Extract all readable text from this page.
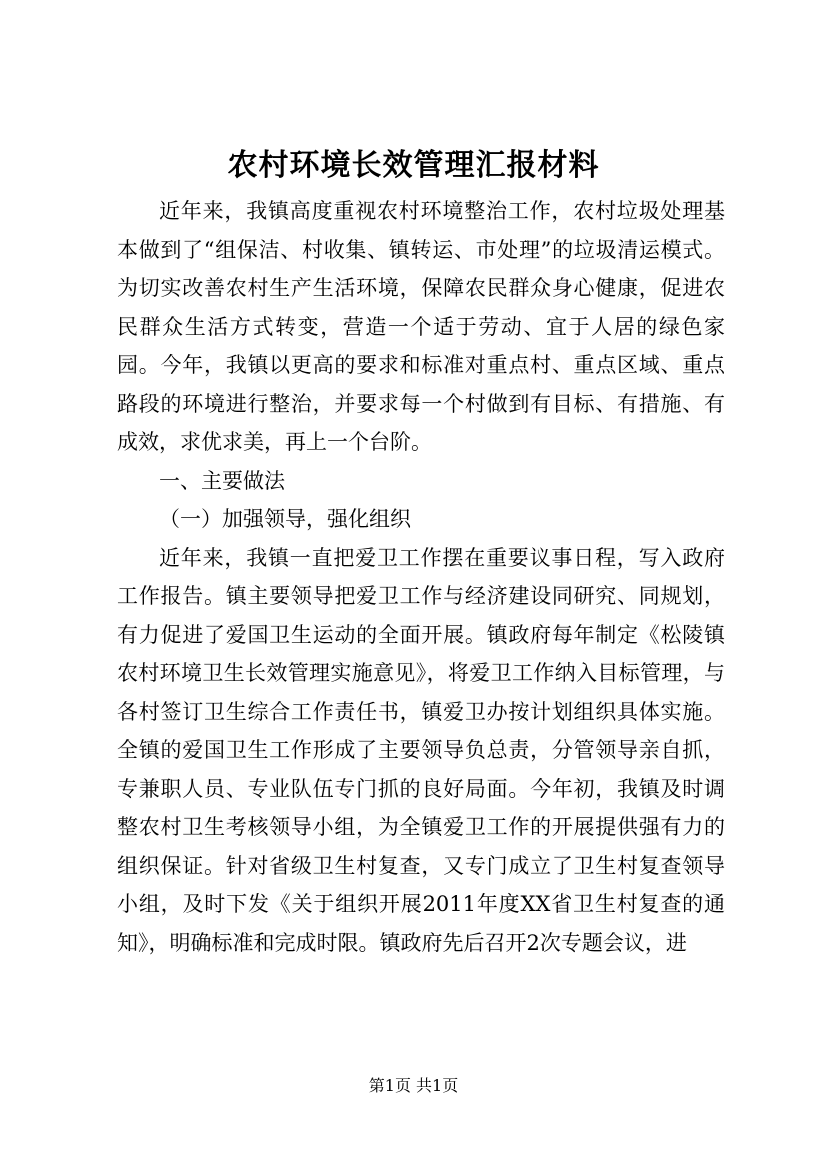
农村环境长效管理汇报材料

近年来，我镇高度重视农村环境整治工作，农村垃圾处理基本做到了“组保洁、村收集、镇转运、市处理”的垃圾清运模式。为切实改善农村生产生活环境，保障农民群众身心健康，促进农民群众生活方式转变，营造一个适于劳动、宜于人居的绿色家园。今年，我镇以更高的要求和标准对重点村、重点区域、重点路段的环境进行整治，并要求每一个村做到有目标、有措施、有成效，求优求美，再上一个台阶。

一、主要做法

（一）加强领导，强化组织

近年来，我镇一直把爱卫工作摆在重要议事日程，写入政府工作报告。镇主要领导把爱卫工作与经济建设同研究、同规划，有力促进了爱国卫生运动的全面开展。镇政府每年制定《松陵镇农村环境卫生长效管理实施意见》，将爱卫工作纳入目标管理，与各村签订卫生综合工作责任书，镇爱卫办按计划组织具体实施。全镇的爱国卫生工作形成了主要领导负总责，分管领导亲自抓，专兼职人员、专业队伍专门抓的良好局面。今年初，我镇及时调整农村卫生考核领导小组，为全镇爱卫工作的开展提供强有力的组织保证。针对省级卫生村复查，又专门成立了卫生村复查领导小组，及时下发《关于组织开展2011年度XX省卫生村复查的通知》，明确标准和完成时限。镇政府先后召开2次专题会议，进

第1页 共1页
